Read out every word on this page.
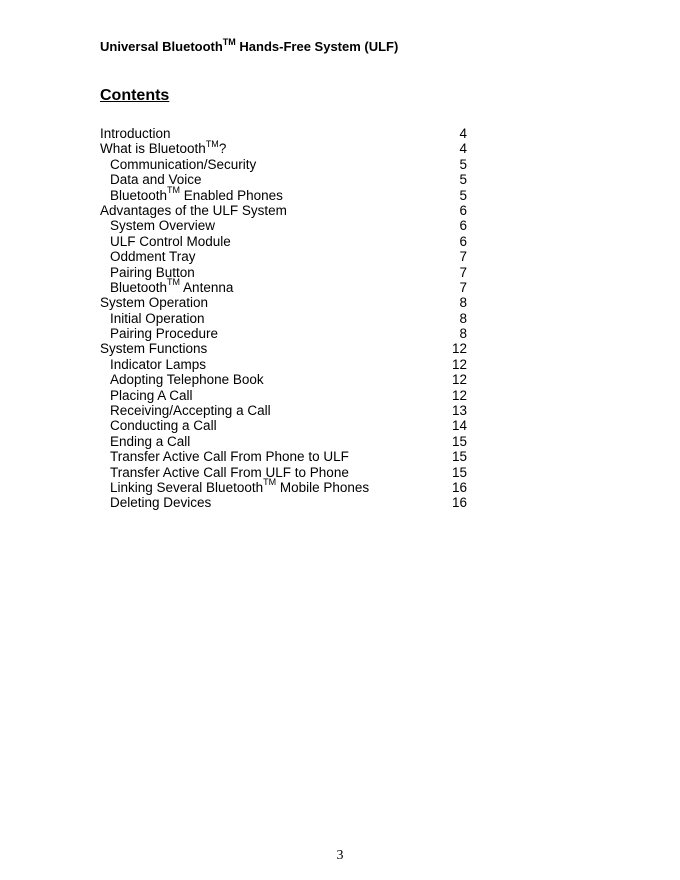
Universal Bluetooth™ Hands-Free System (ULF)
Contents
Introduction	4
What is Bluetooth™?	4
Communication/Security	5
Data and Voice	5
Bluetooth™ Enabled Phones	5
Advantages of the ULF System	6
System Overview	6
ULF Control Module	6
Oddment Tray	7
Pairing Button	7
Bluetooth™ Antenna	7
System Operation	8
Initial Operation	8
Pairing Procedure	8
System Functions	12
Indicator Lamps	12
Adopting Telephone Book	12
Placing A Call	12
Receiving/Accepting a Call	13
Conducting a Call	14
Ending a Call	15
Transfer Active Call From Phone to ULF	15
Transfer Active Call From ULF to Phone	15
Linking Several Bluetooth™ Mobile Phones	16
Deleting Devices	16
3
